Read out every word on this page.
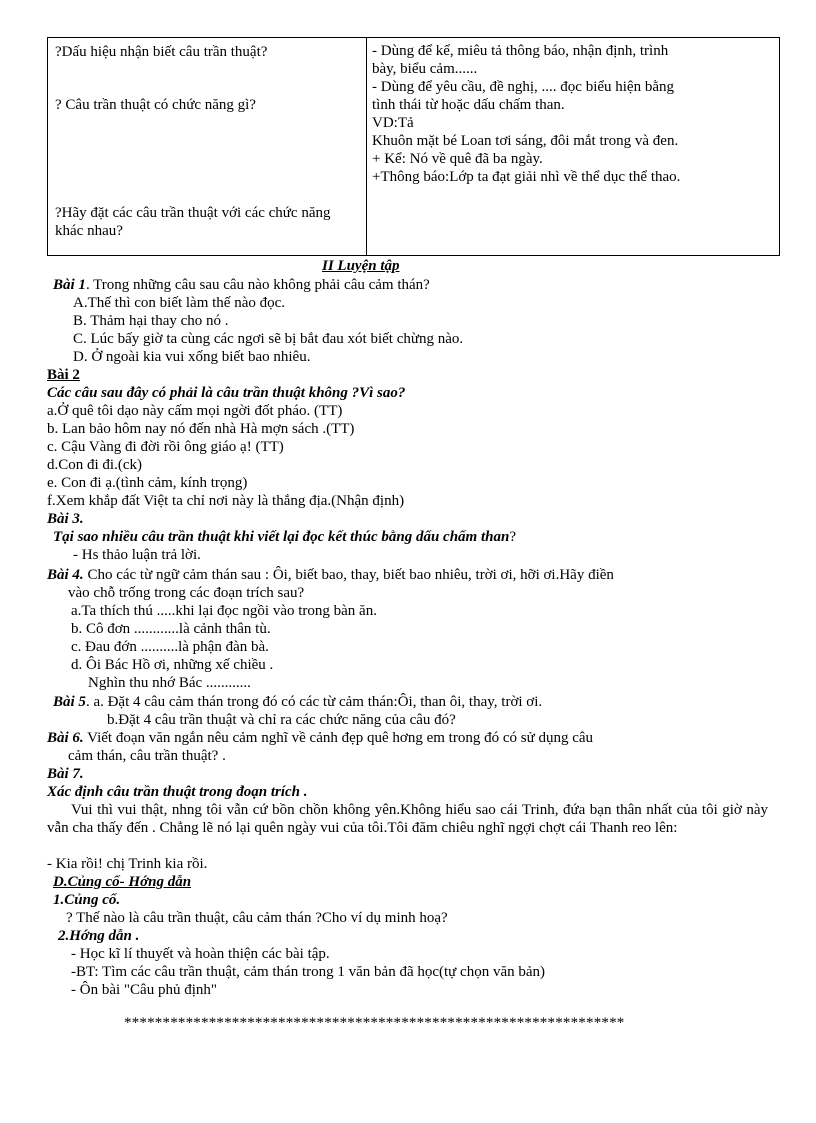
?Dấu hiệu nhận biết câu trần thuật?
? Câu trần thuật có chức năng gì?
?Hãy đặt các câu trần thuật với các chức năng khác nhau?
- Dùng để kể, miêu tả thông báo, nhận định, trình
bày, biểu cảm......
- Dùng để yêu cầu, đề nghị, .... đọc biểu hiện bằng
tình thái từ hoặc dấu chấm than.
VD:Tả
Khuôn mặt bé Loan tơi sáng, đôi mắt trong và đen.
+ Kể: Nó về quê đã ba ngày.
+Thông báo:Lớp ta đạt giải nhì về thể dục thể thao.
II Luyện tập
Bài 1. Trong những câu sau câu nào không phải câu cảm thán?
A.Thế thì con biết làm thế nào đọc.
B. Thảm hại thay cho nó .
C. Lúc bấy giờ ta cùng các ngơi sẽ bị bắt đau xót biết chừng nào.
D. Ở ngoài kia vui xống biết bao nhiêu.
Bài 2
Các câu sau đây có phải là câu trần thuật không ?Vì sao?
a.Ở quê tôi dạo này cấm mọi ngời đốt pháo. (TT)
b. Lan bảo hôm nay nó đến nhà Hà mợn sách .(TT)
c. Cậu Vàng đi đời rồi ông giáo ạ! (TT)
d.Con đi đi.(ck)
e. Con đi ạ.(tình cảm, kính trọng)
f.Xem khắp đất Việt ta chỉ nơi này là thắng địa.(Nhận định)
Bài 3.
Tại sao nhiều câu trần thuật khi viết lại đọc kết thúc bằng dấu chấm than?
- Hs thảo luận trả lời.
Bài 4. Cho các từ ngữ cảm thán sau : Ôi, biết bao, thay, biết bao nhiêu, trời ơi, hỡi ơi.Hãy điền
vào chỗ trống trong các đoạn trích sau?
a.Ta thích thú .....khi lại đọc ngồi vào trong bàn ăn.
b. Cô đơn ............là cảnh thân tù.
c. Đau đớn ..........là phận đàn bà.
d. Ôi Bác Hồ ơi, những xế chiều .
Nghìn thu nhớ Bác ............
Bài 5. a. Đặt 4 câu cảm thán trong đó có các từ cảm thán:Ôi, than ôi, thay, trời ơi.
b.Đặt 4 câu trần thuật và chỉ ra các chức năng của câu đó?
Bài 6. Viết đoạn văn ngắn nêu cảm nghĩ về cảnh đẹp quê hơng em trong đó có sử dụng câu
cảm thán, câu trần thuật? .
Bài 7.
Xác định câu trần thuật trong đoạn trích .
Vui thì vui thật, nhng tôi vẫn cứ bồn chồn không yên.Không hiểu sao cái Trinh, đứa bạn thân nhất của tôi giờ này vẫn cha thấy đến . Chẳng lẽ nó lại quên ngày vui của tôi.Tôi đăm chiêu nghĩ ngợi chợt cái Thanh reo lên:
- Kia rồi! chị Trinh kia rồi.
D.Củng cố- Hớng dẫn
1.Củng cố.
? Thế nào là câu trần thuật, câu cảm thán ?Cho ví dụ minh hoạ?
2.Hớng dẫn .
- Học kĩ lí thuyết và hoàn thiện các bài tập.
-BT: Tìm các câu trần thuật, cảm thán trong 1 văn bản đã học(tự chọn văn bản)
- Ôn bài "Câu phủ định"
*****************************************************************
